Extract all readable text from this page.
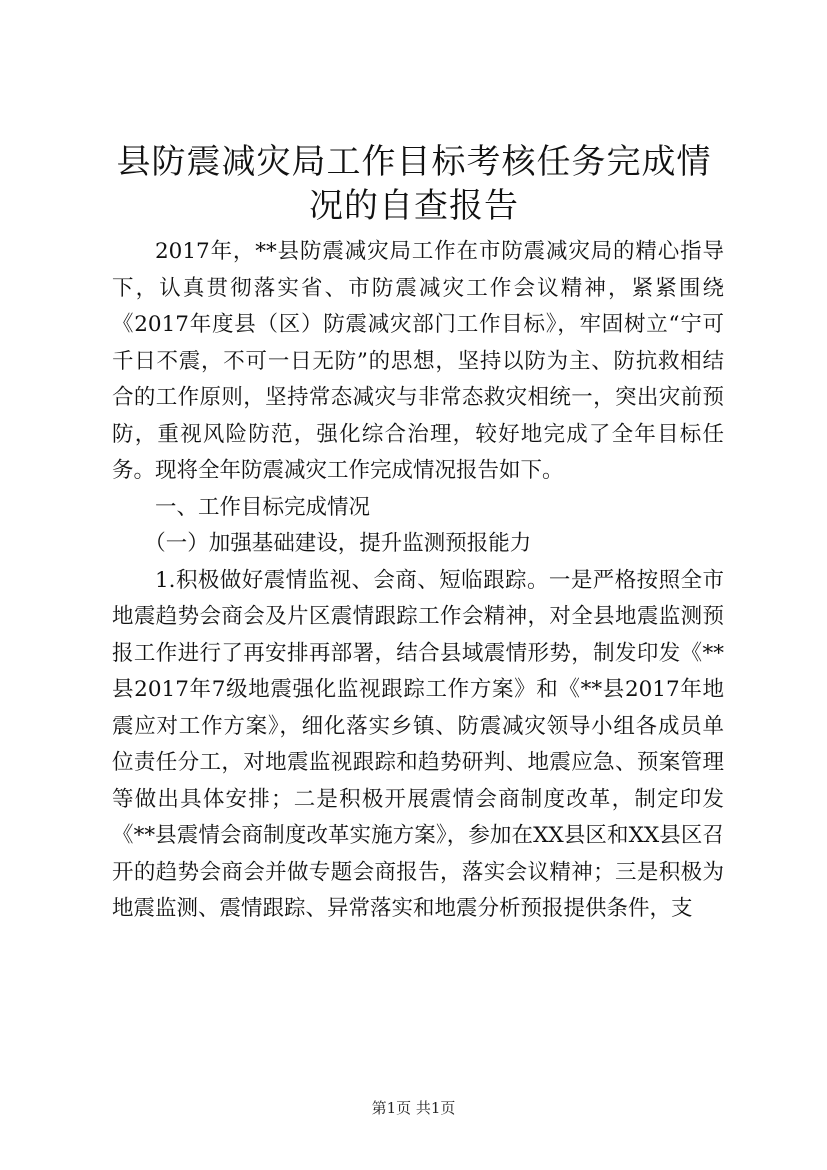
县防震减灾局工作目标考核任务完成情况的自查报告

2017年，**县防震减灾局工作在市防震减灾局的精心指导下，认真贯彻落实省、市防震减灾工作会议精神，紧紧围绕《2017年度县（区）防震减灾部门工作目标》，牢固树立“宁可千日不震，不可一日无防”的思想，坚持以防为主、防抗救相结合的工作原则，坚持常态减灾与非常态救灾相统一，突出灾前预防，重视风险防范，强化综合治理，较好地完成了全年目标任务。现将全年防震减灾工作完成情况报告如下。

一、工作目标完成情况

（一）加强基础建设，提升监测预报能力

1.积极做好震情监视、会商、短临跟踪。一是严格按照全市地震趋势会商会及片区震情跟踪工作会精神，对全县地震监测预报工作进行了再安排再部署，结合县域震情形势，制发印发《**县2017年7级地震强化监视跟踪工作方案》和《**县2017年地震应对工作方案》，细化落实乡镇、防震减灾领导小组各成员单位责任分工，对地震监视跟踪和趋势研判、地震应急、预案管理等做出具体安排；二是积极开展震情会商制度改革，制定印发《**县震情会商制度改革实施方案》，参加在XX县区和XX县区召开的趋势会商会并做专题会商报告，落实会议精神；三是积极为地震监测、震情跟踪、异常落实和地震分析预报提供条件，支

第1页 共1页
